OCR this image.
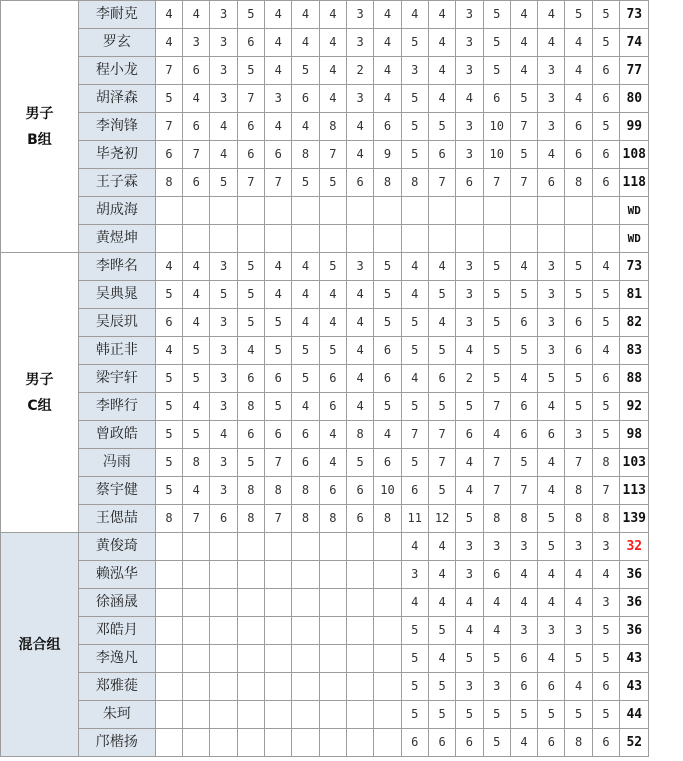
男子
B组	李耐克	4	4	3	5	4	4	4	3	4	4	4	3	5	4	4	5	5	73
	罗玄	4	3	3	6	4	4	4	3	4	5	4	3	5	4	4	4	5	74
	程小龙	7	6	3	5	4	5	4	2	4	3	4	3	5	4	3	4	6	77
	胡泽森	5	4	3	7	3	6	4	3	4	5	4	4	6	5	3	4	6	80
	李洵锋	7	6	4	6	4	4	8	4	6	5	5	3	10	7	3	6	5	99
	毕尧初	6	7	4	6	6	8	7	4	9	5	6	3	10	5	4	6	6	108
	王子霖	8	6	5	7	7	5	5	6	8	8	7	6	7	7	6	8	6	118
	胡成海																		WD
	黄煜坤																		WD
男子
C组	李晔名	4	4	3	5	4	4	5	3	5	4	4	3	5	4	3	5	4	73
	吴典晁	5	4	5	5	4	4	4	4	5	4	5	3	5	5	3	5	5	81
	吴辰玑	6	4	3	5	5	4	4	4	5	5	4	3	5	6	3	6	5	82
	韩正非	4	5	3	4	5	5	5	4	6	5	5	4	5	5	3	6	4	83
	梁宇轩	5	5	3	6	6	5	6	4	6	4	6	2	5	4	5	5	6	88
	李晔行	5	4	3	8	5	4	6	4	5	5	5	5	7	6	4	5	5	92
	曾政皓	5	5	4	6	6	6	4	8	4	7	7	6	4	6	6	3	5	98
	冯雨	5	8	3	5	7	6	4	5	6	5	7	4	7	5	4	7	8	103
	蔡宇健	5	4	3	8	8	8	6	6	10	6	5	4	7	7	4	8	7	113
	王偲喆	8	7	6	8	7	8	8	6	8	11	12	5	8	8	5	8	8	139
混合组	黄俊琦										4	4	3	3	3	5	3	3	32
	赖泓华										3	4	3	6	4	4	4	4	36
	徐涵晟										4	4	4	4	4	4	4	3	36
	邓皓月										5	5	4	4	3	3	3	5	36
	李逸凡										5	4	5	5	6	4	5	5	43
	郑雅蓰										5	5	3	3	6	6	4	6	43
	朱珂										5	5	5	5	5	5	5	5	44
	邝楷扬										6	6	6	5	4	6	8	6	52
